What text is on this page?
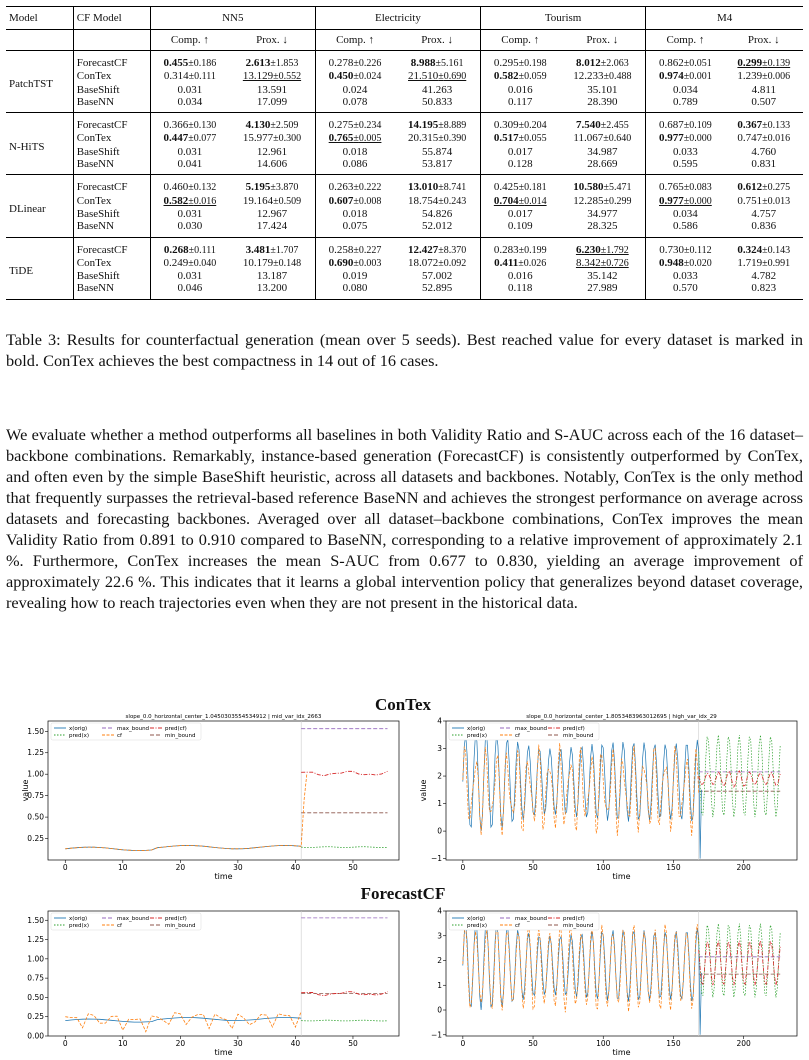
Model	CF Model	NN5		Electricity		Tourism		M4	
		Comp. ↑	Prox. ↓	Comp. ↑	Prox. ↓	Comp. ↑	Prox. ↓	Comp. ↑	Prox. ↓
PatchTST	ForecastCF	0.455±0.186	2.613±1.853	0.278±0.226	8.988±5.161	0.295±0.198	8.012±2.063	0.862±0.051	0.299±0.139
	ConTex	0.314±0.111	13.129±0.552	0.450±0.024	21.510±0.690	0.582±0.059	12.233±0.488	0.974±0.001	1.239±0.006
	BaseShift	0.031	13.591	0.024	41.263	0.016	35.101	0.034	4.811
	BaseNN	0.034	17.099	0.078	50.833	0.117	28.390	0.789	0.507
N-HiTS	ForecastCF	0.366±0.130	4.130±2.509	0.275±0.234	14.195±8.889	0.309±0.204	7.540±2.455	0.687±0.109	0.367±0.133
	ConTex	0.447±0.077	15.977±0.300	0.765±0.005	20.315±0.390	0.517±0.055	11.067±0.640	0.977±0.000	0.747±0.016
	BaseShift	0.031	12.961	0.018	55.874	0.017	34.987	0.033	4.760
	BaseNN	0.041	14.606	0.086	53.817	0.128	28.669	0.595	0.831
DLinear	ForecastCF	0.460±0.132	5.195±3.870	0.263±0.222	13.010±8.741	0.425±0.181	10.580±5.471	0.765±0.083	0.612±0.275
	ConTex	0.582±0.016	19.164±0.509	0.607±0.008	18.754±0.243	0.704±0.014	12.285±0.299	0.977±0.000	0.751±0.013
	BaseShift	0.031	12.967	0.018	54.826	0.017	34.977	0.034	4.757
	BaseNN	0.030	17.424	0.075	52.012	0.109	28.325	0.586	0.836
TiDE	ForecastCF	0.268±0.111	3.481±1.707	0.258±0.227	12.427±8.370	0.283±0.199	6.230±1.792	0.730±0.112	0.324±0.143
	ConTex	0.249±0.040	10.179±0.148	0.690±0.003	18.072±0.092	0.411±0.026	8.342±0.726	0.948±0.020	1.719±0.991
	BaseShift	0.031	13.187	0.019	57.002	0.016	35.142	0.033	4.782
	BaseNN	0.046	13.200	0.080	52.895	0.118	27.989	0.570	0.823

Table 3: Results for counterfactual generation (mean over 5 seeds). Best reached value for every dataset is marked in bold. ConTex achieves the best compactness in 14 out of 16 cases.

We evaluate whether a method outperforms all baselines in both Validity Ratio and S-AUC across each of the 16 dataset–backbone combinations. Remarkably, instance-based generation (ForecastCF) is consistently outperformed by ConTex, and often even by the simple BaseShift heuristic, across all datasets and backbones. Notably, ConTex is the only method that frequently surpasses the retrieval-based reference BaseNN and achieves the strongest performance on average across datasets and forecasting backbones. Averaged over all dataset–backbone combinations, ConTex improves the mean Validity Ratio from 0.891 to 0.910 compared to BaseNN, corresponding to a relative improvement of approximately 2.1 %. Furthermore, ConTex increases the mean S-AUC from 0.677 to 0.830, yielding an average improvement of approximately 22.6 %. This indicates that it learns a global intervention policy that generalizes beyond dataset coverage, revealing how to reach trajectories even when they are not present in the historical data.

ConTex
ForecastCF
slope_0.0_horizontal_center_1.0450303554534912 | mid_var_idx_2663
0	10	20	30	40	50
0.25
0.50
0.75
1.00
1.25
1.50
time
value
x(orig)
pred(x)
max_bound
cf
pred(cf)
min_bound
slope_0.0_horizontal_center_1.8053483963012695 | high_var_idx_29
0	50	100	150	200
−1
0
1
2
3
4
time
value
x(orig)
pred(x)
max_bound
cf
pred(cf)
min_bound
0	10	20	30	40	50
0.00
0.25
0.50
0.75
1.00
1.25
1.50
time
x(orig)
pred(x)
max_bound
cf
pred(cf)
min_bound
0	50	100	150	200
−1
0
1
2
3
4
time
x(orig)
pred(x)
max_bound
cf
pred(cf)
min_bound
